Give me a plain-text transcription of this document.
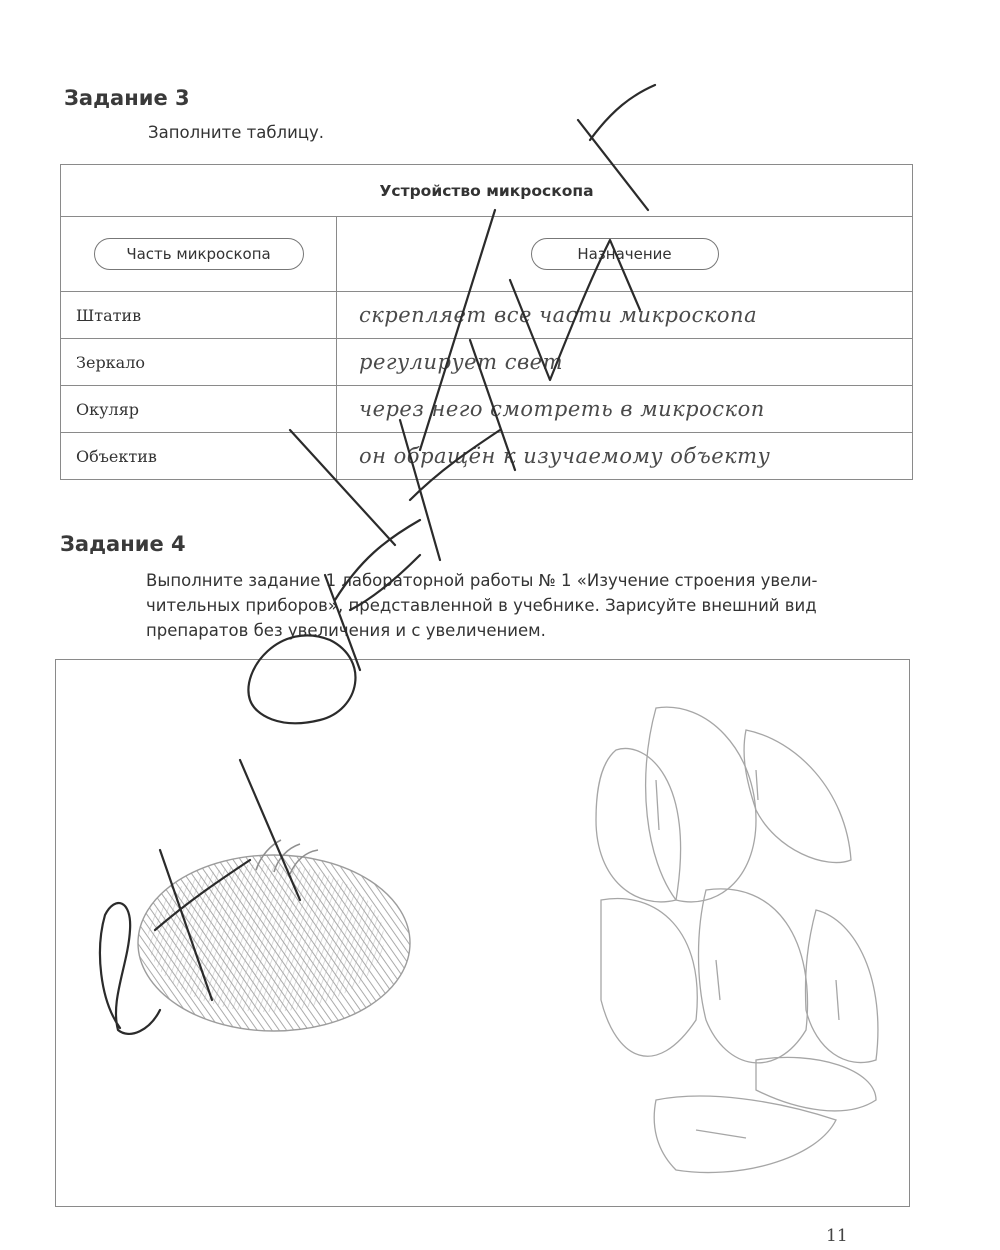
Задание 3

Заполните таблицу.

Устройство микроскопа	
Часть микроскопа	Назначение
Штатив	скрепляет все части микроскопа
Зеркало	регулирует свет
Окуляр	через него смотреть в микроскоп
Объектив	он обращён к изучаемому объекту
Задание 4

Выполните задание 1 лабораторной работы № 1 «Изучение строения увели-

чительных приборов», представленной в учебнике. Зарисуйте внешний вид

препаратов без увеличения и с увеличением.

11
